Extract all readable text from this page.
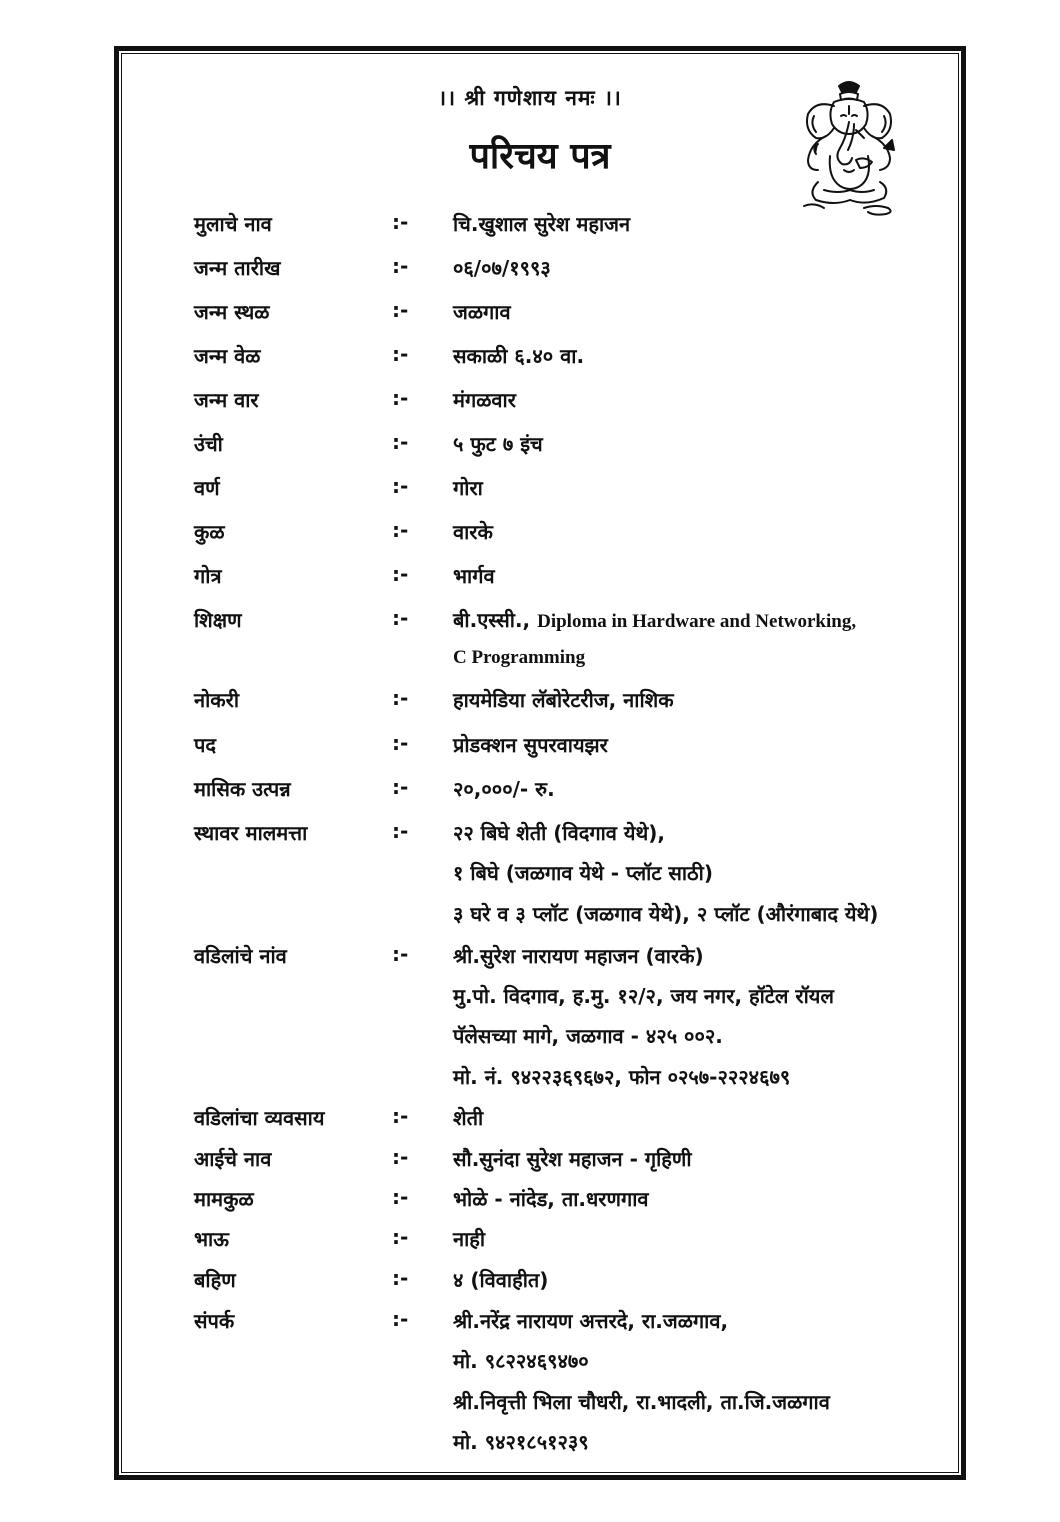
।। श्री गणेशाय नमः ।।
परिचय पत्र
मुलाचे नाव	:- चि.खुशाल सुरेश महाजन
जन्म तारीख	:- ०६/०७/१९९३
जन्म स्थळ	:- जळगाव
जन्म वेळ	:- सकाळी ६.४० वा.
जन्म वार	:- मंगळवार
उंची	:- ५ फुट ७ इंच
वर्ण	:- गोरा
कुळ	:- वारके
गोत्र	:- भार्गव
शिक्षण	:- बी.एस्सी., Diploma in Hardware and Networking,
C Programming
नोकरी	:- हायमेडिया लॅबोरेटरीज, नाशिक
पद	:- प्रोडक्शन सुपरवायझर
मासिक उत्पन्न	:- २०,०००/- रु.
स्थावर मालमत्ता	:- २२ बिघे शेती (विदगाव येथे),
१ बिघे (जळगाव येथे - प्लॉट साठी)
३ घरे व ३ प्लॉट (जळगाव येथे), २ प्लॉट (औरंगाबाद येथे)
वडिलांचे नांव	:- श्री.सुरेश नारायण महाजन (वारके)
मु.पो. विदगाव, ह.मु. १२/२, जय नगर, हॉटेल रॉयल
पॅलेसच्या मागे, जळगाव - ४२५ ००२.
मो. नं. ९४२२३६९६७२, फोन ०२५७-२२२४६७९
वडिलांचा व्यवसाय	:- शेती
आईचे नाव	:- सौ.सुनंदा सुरेश महाजन - गृहिणी
मामकुळ	:- भोळे - नांदेड, ता.धरणगाव
भाऊ	:- नाही
बहिण	:- ४ (विवाहीत)
संपर्क	:- श्री.नरेंद्र नारायण अत्तरदे, रा.जळगाव,
मो. ९८२२४६९४७०
श्री.निवृत्ती भिला चौधरी, रा.भादली, ता.जि.जळगाव
मो. ९४२१८५१२३९
